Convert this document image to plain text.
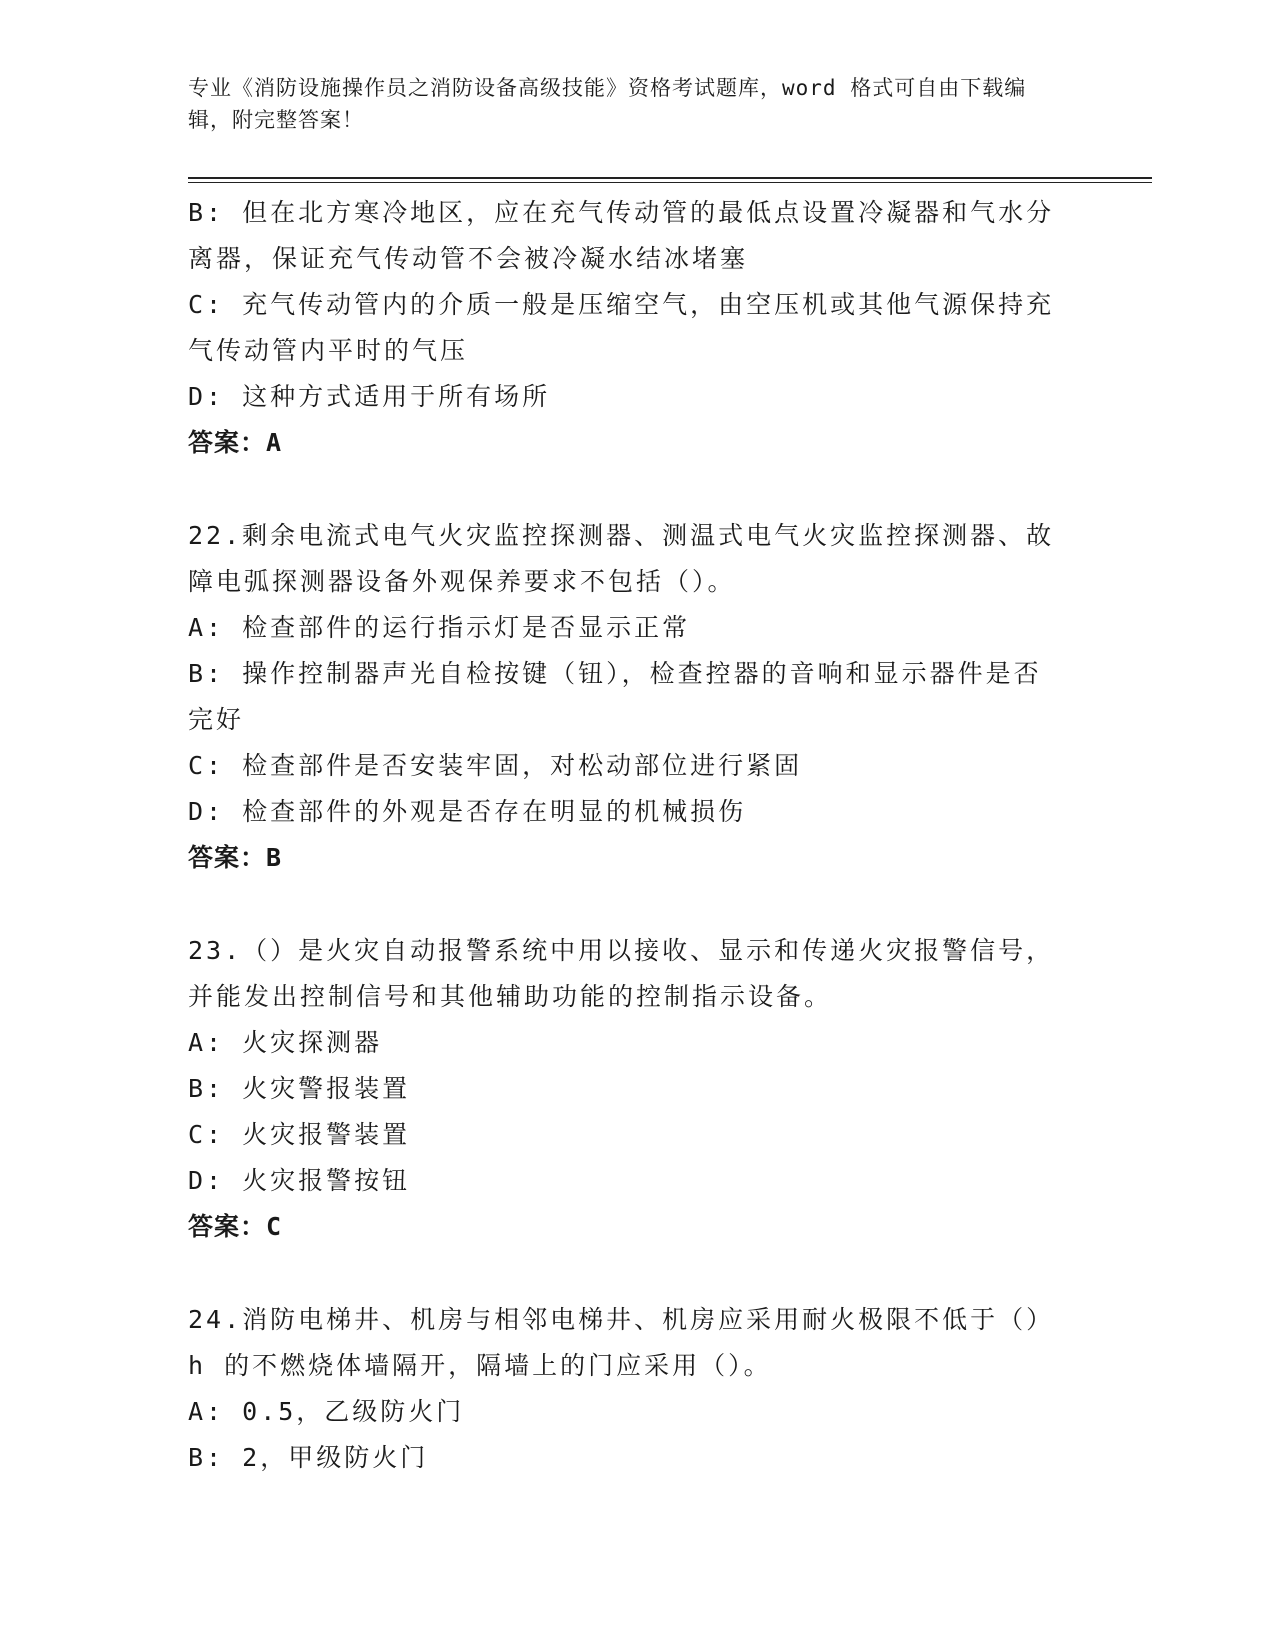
专业《消防设施操作员之消防设备高级技能》资格考试题库，word 格式可自由下载编辑，附完整答案！
B: 但在北方寒冷地区，应在充气传动管的最低点设置冷凝器和气水分离器，保证充气传动管不会被冷凝水结冰堵塞
C: 充气传动管内的介质一般是压缩空气，由空压机或其他气源保持充气传动管内平时的气压
D: 这种方式适用于所有场所
答案：A
22.剩余电流式电气火灾监控探测器、测温式电气火灾监控探测器、故障电弧探测器设备外观保养要求不包括（）。
A: 检查部件的运行指示灯是否显示正常
B: 操作控制器声光自检按键（钮），检查控器的音响和显示器件是否完好
C: 检查部件是否安装牢固，对松动部位进行紧固
D: 检查部件的外观是否存在明显的机械损伤
答案：B
23.（）是火灾自动报警系统中用以接收、显示和传递火灾报警信号，并能发出控制信号和其他辅助功能的控制指示设备。
A: 火灾探测器
B: 火灾警报装置
C: 火灾报警装置
D: 火灾报警按钮
答案：C
24.消防电梯井、机房与相邻电梯井、机房应采用耐火极限不低于（）h 的不燃烧体墙隔开，隔墙上的门应采用（）。
A: 0.5，乙级防火门
B: 2，甲级防火门
